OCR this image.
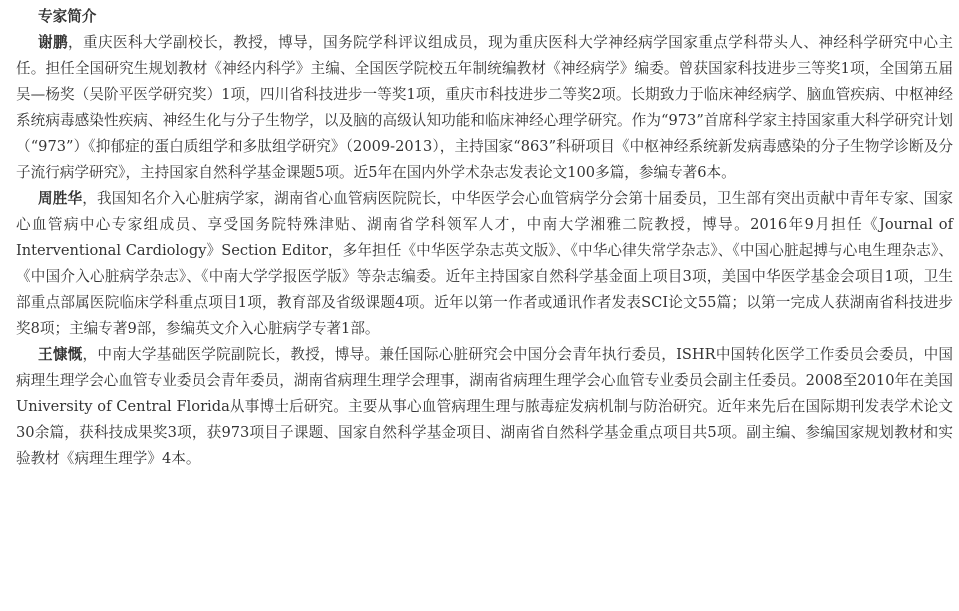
专家简介

谢鹏，重庆医科大学副校长，教授，博导，国务院学科评议组成员，现为重庆医科大学神经病学国家重点学科带头人、神经科学研究中心主任。担任全国研究生规划教材《神经内科学》主编、全国医学院校五年制统编教材《神经病学》编委。曾获国家科技进步三等奖1项，全国第五届吴—杨奖（吴阶平医学研究奖）1项，四川省科技进步一等奖1项，重庆市科技进步二等奖2项。长期致力于临床神经病学、脑血管疾病、中枢神经系统病毒感染性疾病、神经生化与分子生物学，以及脑的高级认知功能和临床神经心理学研究。作为“973”首席科学家主持国家重大科学研究计划（“973”）《抑郁症的蛋白质组学和多肽组学研究》（2009-2013），主持国家“863”科研项目《中枢神经系统新发病毒感染的分子生物学诊断及分子流行病学研究》，主持国家自然科学基金课题5项。近5年在国内外学术杂志发表论文100多篇，参编专著6本。

周胜华，我国知名介入心脏病学家，湖南省心血管病医院院长，中华医学会心血管病学分会第十届委员，卫生部有突出贡献中青年专家、国家心血管病中心专家组成员、享受国务院特殊津贴、湖南省学科领军人才，中南大学湘雅二院教授，博导。2016年9月担任《Journal of Interventional Cardiology》Section Editor，多年担任《中华医学杂志英文版》、《中华心律失常学杂志》、《中国心脏起搏与心电生理杂志》、《中国介入心脏病学杂志》、《中南大学学报医学版》等杂志编委。近年主持国家自然科学基金面上项目3项，美国中华医学基金会项目1项，卫生部重点部属医院临床学科重点项目1项，教育部及省级课题4项。近年以第一作者或通讯作者发表SCI论文55篇；以第一完成人获湖南省科技进步奖8项；主编专著9部，参编英文介入心脏病学专著1部。

王慷慨，中南大学基础医学院副院长，教授，博导。兼任国际心脏研究会中国分会青年执行委员，ISHR中国转化医学工作委员会委员，中国病理生理学会心血管专业委员会青年委员，湖南省病理生理学会理事，湖南省病理生理学会心血管专业委员会副主任委员。2008至2010年在美国University of Central Florida从事博士后研究。主要从事心血管病理生理与脓毒症发病机制与防治研究。近年来先后在国际期刊发表学术论文30余篇，获科技成果奖3项，获973项目子课题、国家自然科学基金项目、湖南省自然科学基金重点项目共5项。副主编、参编国家规划教材和实验教材《病理生理学》4本。
